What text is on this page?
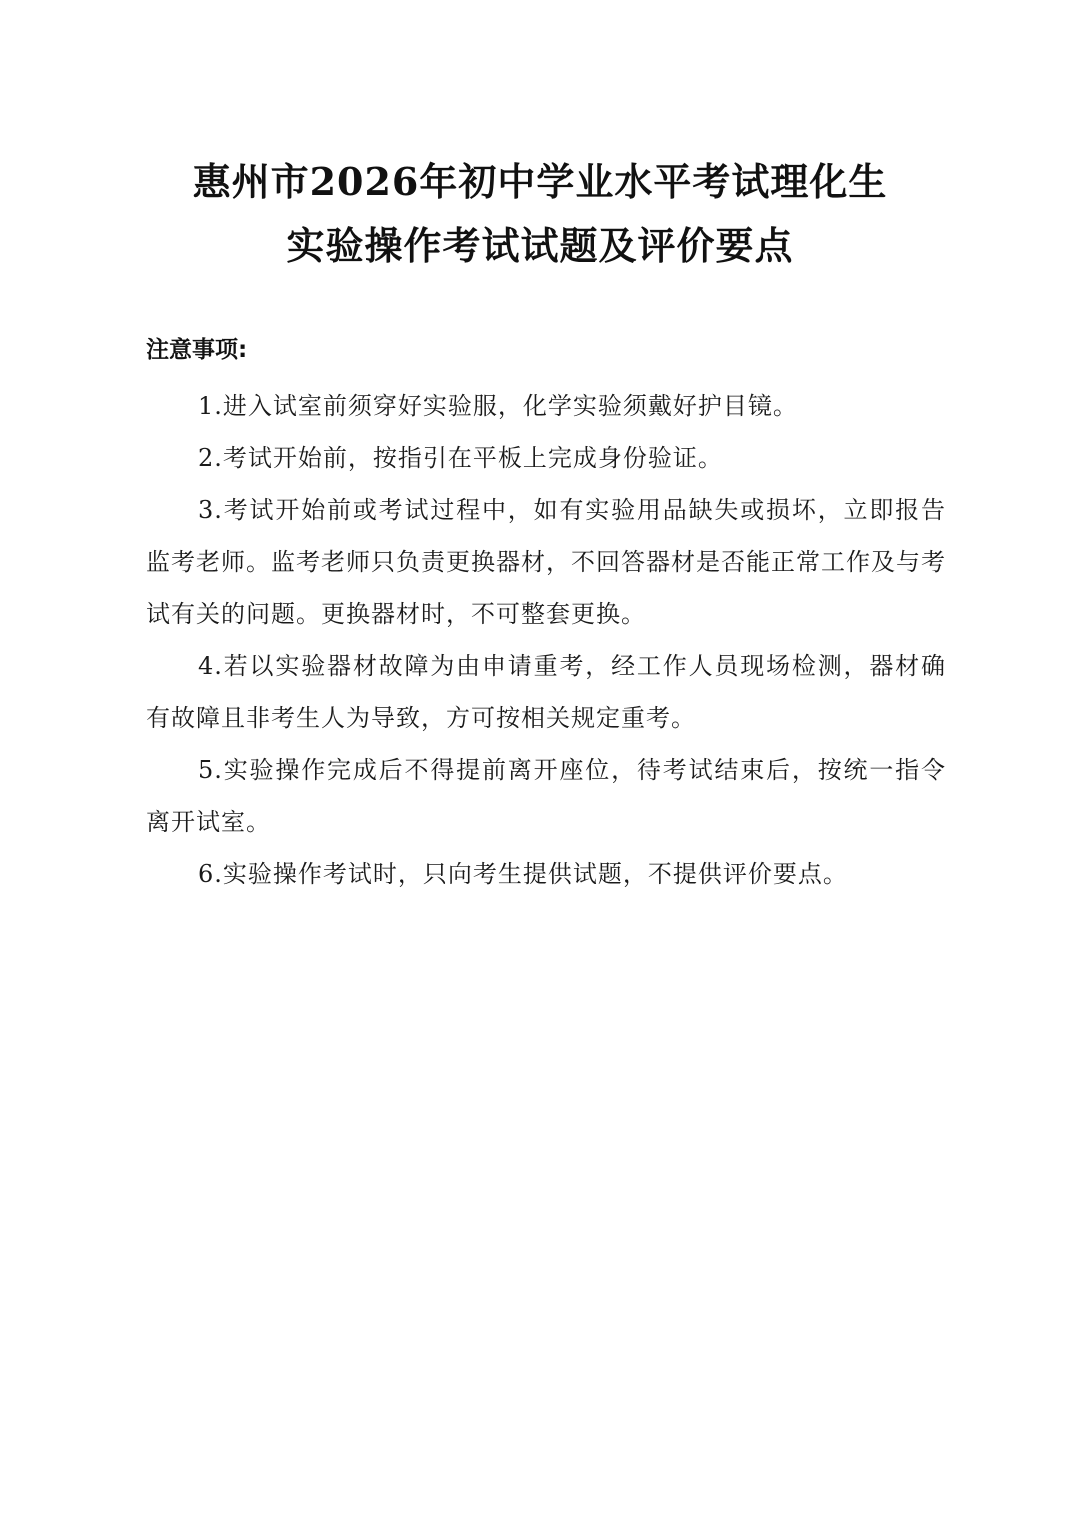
惠州市2026年初中学业水平考试理化生
实验操作考试试题及评价要点
注意事项:

1.进入试室前须穿好实验服，化学实验须戴好护目镜。

2.考试开始前，按指引在平板上完成身份验证。

3.考试开始前或考试过程中，如有实验用品缺失或损坏，立即报告监考老师。监考老师只负责更换器材，不回答器材是否能正常工作及与考试有关的问题。更换器材时，不可整套更换。

4.若以实验器材故障为由申请重考，经工作人员现场检测，器材确有故障且非考生人为导致，方可按相关规定重考。

5.实验操作完成后不得提前离开座位，待考试结束后，按统一指令离开试室。

6.实验操作考试时，只向考生提供试题，不提供评价要点。
